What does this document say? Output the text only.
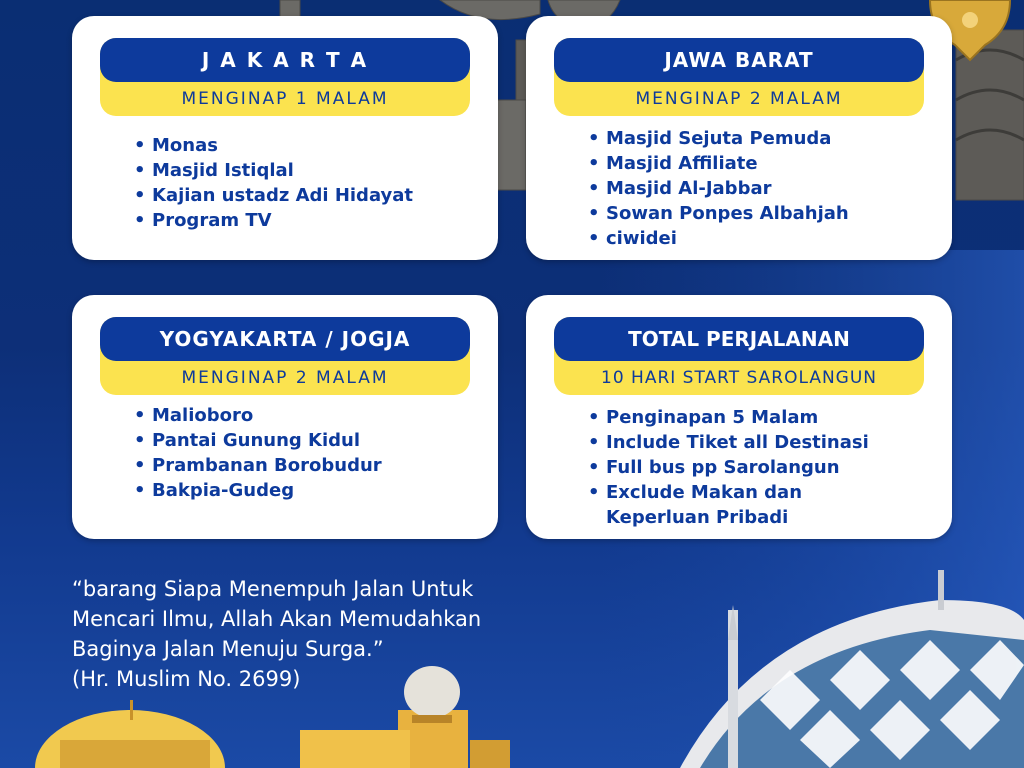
J A K A R T A
MENGINAP 1 MALAM
• Monas
• Masjid Istiqlal
• Kajian ustadz Adi Hidayat
• Program TV
JAWA BARAT
MENGINAP 2 MALAM
• Masjid Sejuta Pemuda
• Masjid Affiliate
• Masjid Al-Jabbar
• Sowan Ponpes Albahjah
• ciwidei
YOGYAKARTA / JOGJA
MENGINAP 2 MALAM
• Malioboro
• Pantai Gunung Kidul
• Prambanan Borobudur
• Bakpia-Gudeg
TOTAL PERJALANAN
10 HARI START SAROLANGUN
• Penginapan 5 Malam
• Include Tiket all Destinasi
• Full bus pp Sarolangun
• Exclude Makan dan
Keperluan Pribadi
“barang Siapa Menempuh Jalan Untuk
Mencari Ilmu, Allah Akan Memudahkan
Baginya Jalan Menuju Surga.”
(Hr. Muslim No. 2699)
